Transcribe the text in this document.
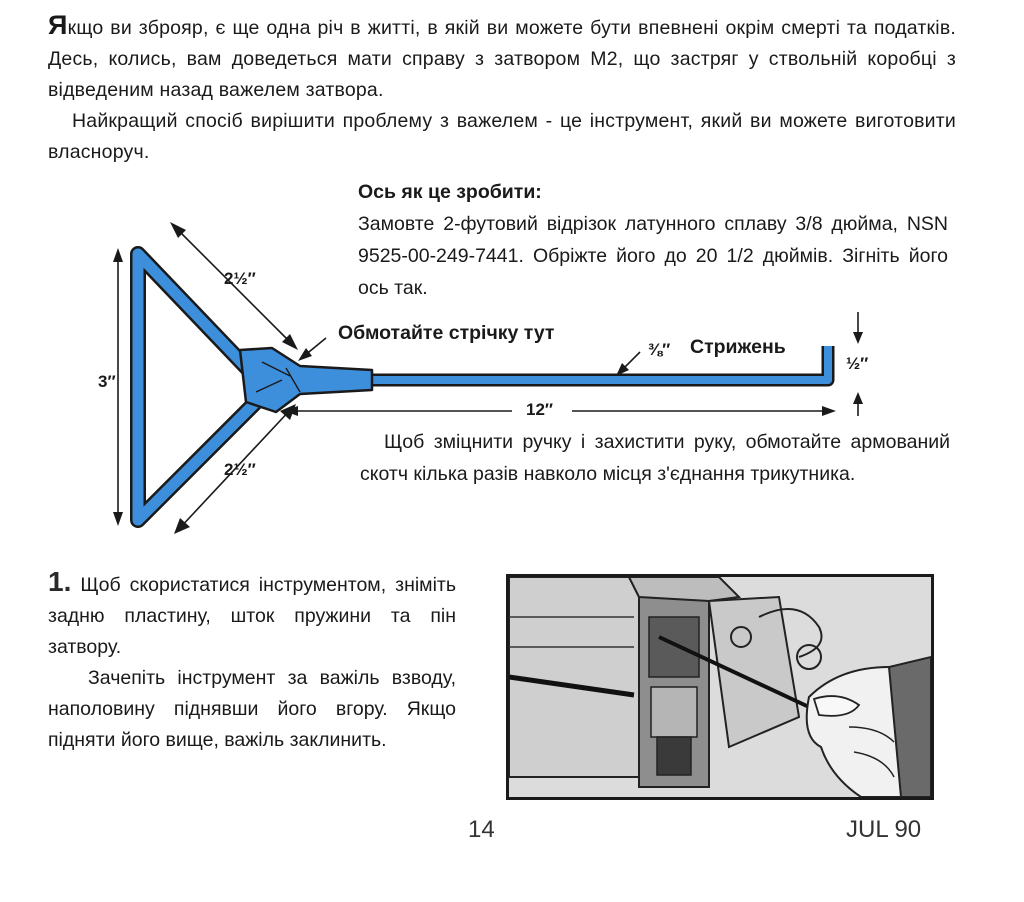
Якщо ви зброяр, є ще одна річ в житті, в якій ви можете бути впевнені окрім смерті та податків. Десь, колись, вам доведеться мати справу з затвором M2, що застряг у ствольній коробці з відведеним назад важелем затвора.

Найкращий спосіб вирішити проблему з важелем - це інструмент, який ви можете виготовити власноруч.

Ось як це зробити:
Замовте 2-футовий відрізок латунного сплаву 3/8 дюйма, NSN 9525-00-249-7441. Обріжте його до 20 1/2 дюймів. Зігніть його ось так.
2½″
2½″
3″
12″
½″
⅜″ Стрижень
Обмотайте стрічку тут

Щоб зміцнити ручку і захистити руку, обмотайте армований скотч кілька разів навколо місця з'єднання трикутника.

1. Щоб скористатися інструментом, зніміть задню пластину, шток пружини та пін затвору.

Зачепіть інструмент за важіль взводу, наполовину піднявши його вгору. Якщо підняти його вище, важіль заклинить.

14	JUL 90
